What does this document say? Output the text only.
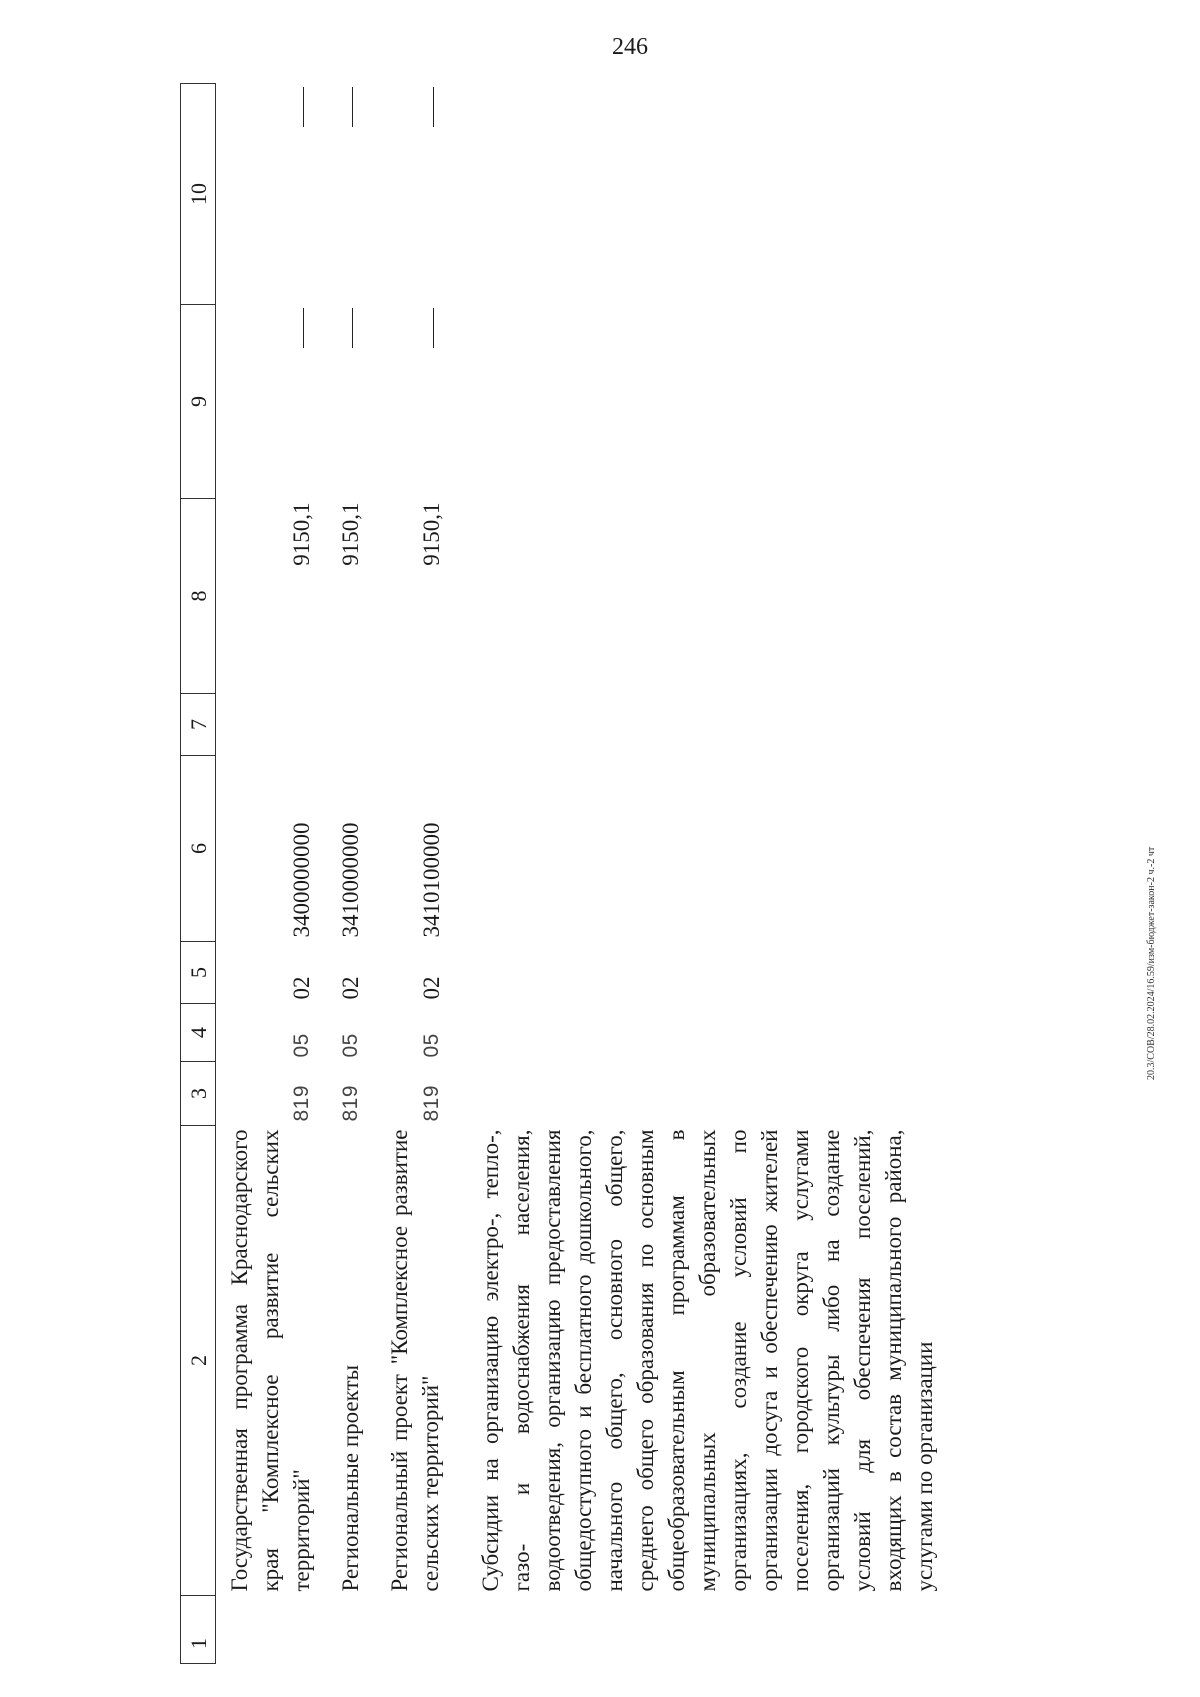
246
20.3/СОВ/28.02.2024/16.59/изм-бюджет-закон-2 ч.-2 чт
1	2	3	4	5	6	7	8	9	10
	Государственная программа Краснодарского края "Комплексное развитие сельских территорий"	819	05	02	3400000000		9150,1		

	Региональные проекты	819	05	02	3410000000		9150,1		

	Региональный проект "Комплексное развитие сельских территорий"	819	05	02	3410100000		9150,1		

	Субсидии на организацию электро-, тепло-, газо- и водоснабжения населения, водоотведения, организацию предоставления общедоступного и бесплатного дошкольного, начального общего, основного общего, среднего общего образования по основным общеобразовательным программам в муниципальных образовательных организациях, создание условий по организации досуга и обеспечению жителей поселения, городского округа услугами организаций культуры либо на создание условий для обеспечения поселений, входящих в состав муниципального района, услугами по организации								
